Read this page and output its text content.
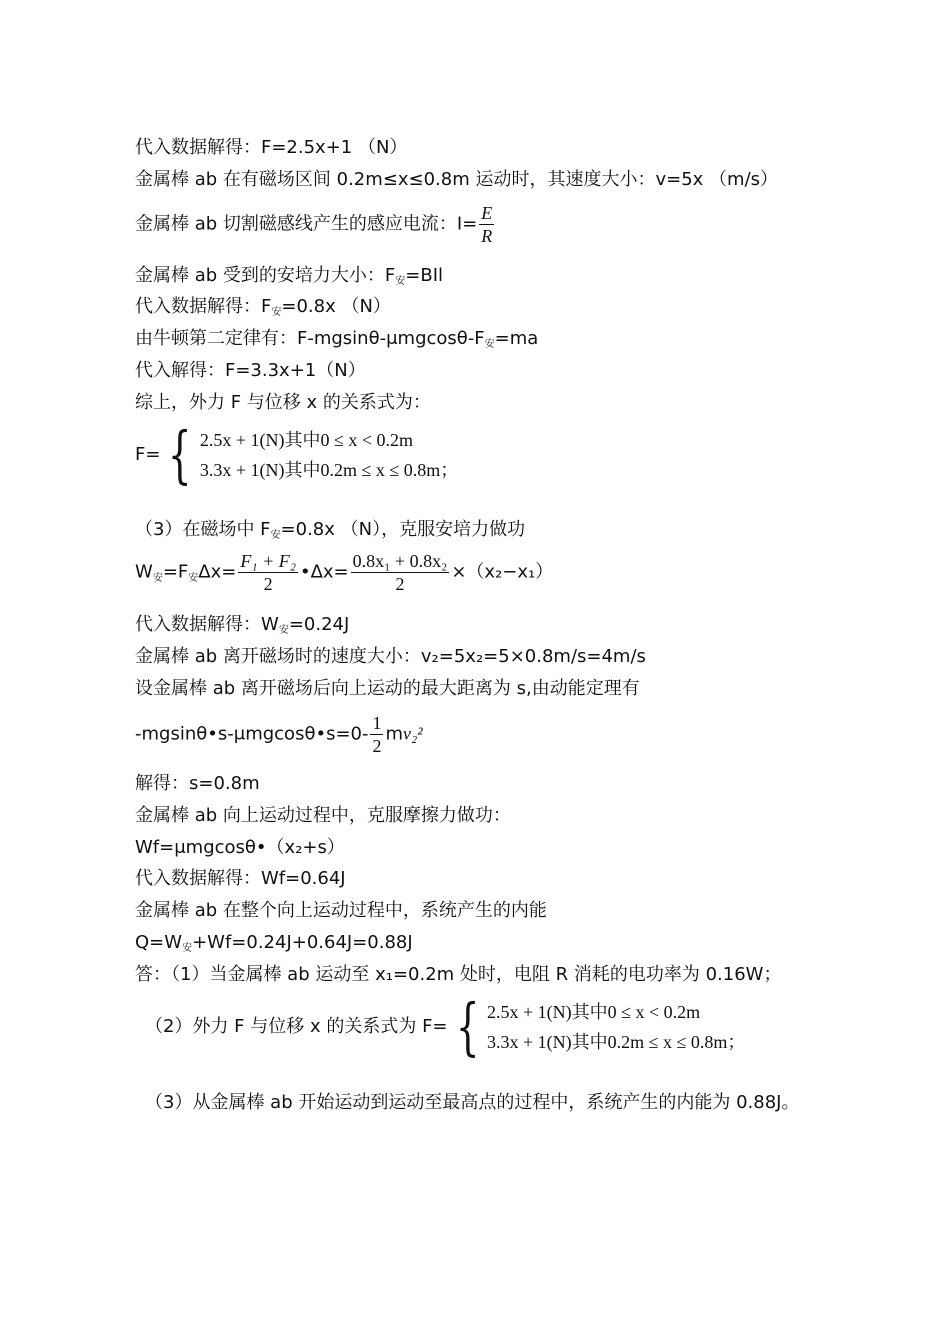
代入数据解得：F=2.5x+1 （N）
金属棒 ab 在有磁场区间 0.2m≤x≤0.8m 运动时，其速度大小：v=5x （m/s）
金属棒 ab 切割磁感线产生的感应电流：$I= \frac{E}{R}$
金属棒 ab 受到的安培力大小：F安=BIl
代入数据解得：F安=0.8x （N）
由牛顿第二定律有：F-mgsinθ-μmgcosθ-F安=ma
代入解得：F=3.3x+1（N）
综上，外力 F 与位移 x 的关系式为：
F= { 2.5x + 1(N)其中0 ≤ x < 0.2m
3.3x + 1(N)其中0.2m ≤ x ≤ 0.8m；
（3）在磁场中 F安=0.8x （N），克服安培力做功
W安=F安$\Delta x= \frac{\text{F₁ + F₂}}{2}$ •Δx= $\frac{\text{0.8x₁ + 0.8x₂}}{2} \times(x_2-x_1)$
代入数据解得：W安=0.24J
金属棒 ab 离开磁场时的速度大小：v₂=5x₂=5×0.8m/s=4m/s
设金属棒 ab 离开磁场后向上运动的最大距离为 s,由动能定理有
-mgsinθ•s-μmgcosθ•s=0- $\frac{1}{2} mv_2^2$
解得：s=0.8m
金属棒 ab 向上运动过程中，克服摩擦力做功：
Wf=μmgcosθ•（x₂+s）
代入数据解得：Wf=0.64J
金属棒 ab 在整个向上运动过程中，系统产生的内能
Q=W安+Wf=0.24J+0.64J=0.88J
答：（1）当金属棒 ab 运动至 x₁=0.2m 处时，电阻 R 消耗的电功率为 0.16W；
（2）外力 F 与位移 x 的关系式为 F= { 2.5x + 1(N)其中0 ≤ x < 0.2m
3.3x + 1(N)其中0.2m ≤ x ≤ 0.8m；
（3）从金属棒 ab 开始运动到运动至最高点的过程中，系统产生的内能为 0.88J。
